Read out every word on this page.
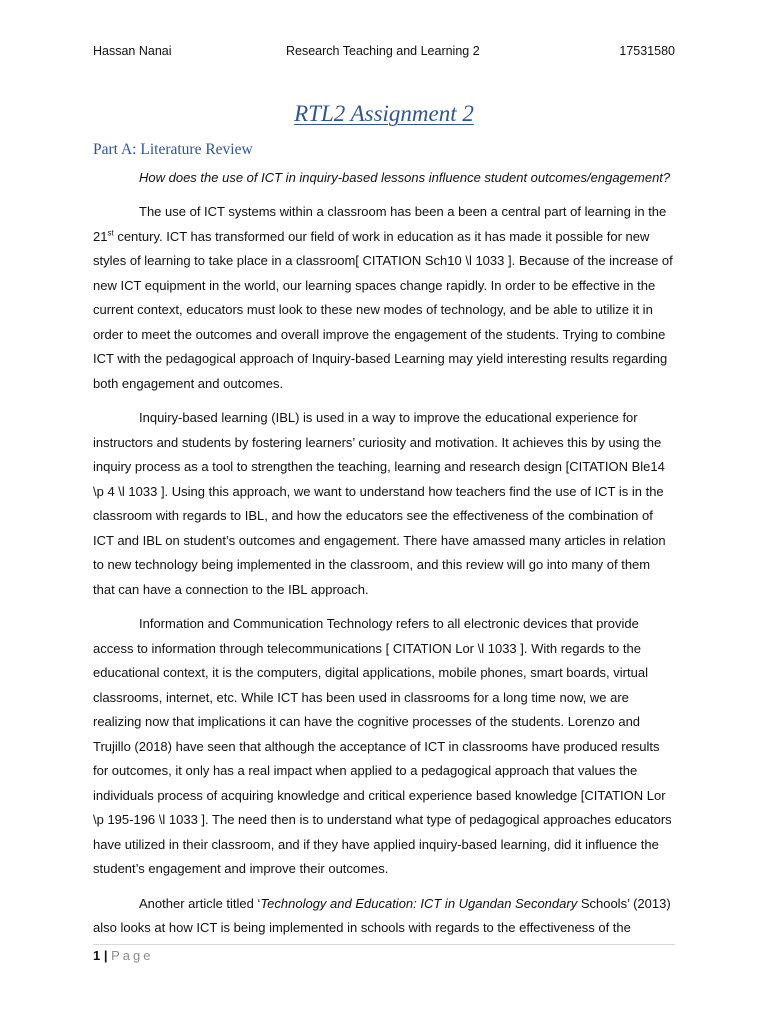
Hassan Nanai	Research Teaching and Learning 2	17531580
RTL2 Assignment 2
Part A: Literature Review
How does the use of ICT in inquiry-based lessons influence student outcomes/engagement?

The use of ICT systems within a classroom has been a been a central part of learning in the 21st century. ICT has transformed our field of work in education as it has made it possible for new styles of learning to take place in a classroom[ CITATION Sch10 \l 1033 ]. Because of the increase of new ICT equipment in the world, our learning spaces change rapidly. In order to be effective in the current context, educators must look to these new modes of technology, and be able to utilize it in order to meet the outcomes and overall improve the engagement of the students. Trying to combine ICT with the pedagogical approach of Inquiry-based Learning may yield interesting results regarding both engagement and outcomes.

Inquiry-based learning (IBL) is used in a way to improve the educational experience for instructors and students by fostering learners’ curiosity and motivation. It achieves this by using the inquiry process as a tool to strengthen the teaching, learning and research design [CITATION Ble14 \p 4 \l 1033 ]. Using this approach, we want to understand how teachers find the use of ICT is in the classroom with regards to IBL, and how the educators see the effectiveness of the combination of ICT and IBL on student’s outcomes and engagement. There have amassed many articles in relation to new technology being implemented in the classroom, and this review will go into many of them that can have a connection to the IBL approach.

Information and Communication Technology refers to all electronic devices that provide access to information through telecommunications [ CITATION Lor \l 1033 ]. With regards to the educational context, it is the computers, digital applications, mobile phones, smart boards, virtual classrooms, internet, etc. While ICT has been used in classrooms for a long time now, we are realizing now that implications it can have the cognitive processes of the students. Lorenzo and Trujillo (2018) have seen that although the acceptance of ICT in classrooms have produced results for outcomes, it only has a real impact when applied to a pedagogical approach that values the individuals process of acquiring knowledge and critical experience based knowledge [CITATION Lor \p 195-196 \l 1033 ]. The need then is to understand what type of pedagogical approaches educators have utilized in their classroom, and if they have applied inquiry-based learning, did it influence the student’s engagement and improve their outcomes.

Another article titled ‘Technology and Education: ICT in Ugandan Secondary Schools’ (2013) also looks at how ICT is being implemented in schools with regards to the effectiveness of the

1 | Page
